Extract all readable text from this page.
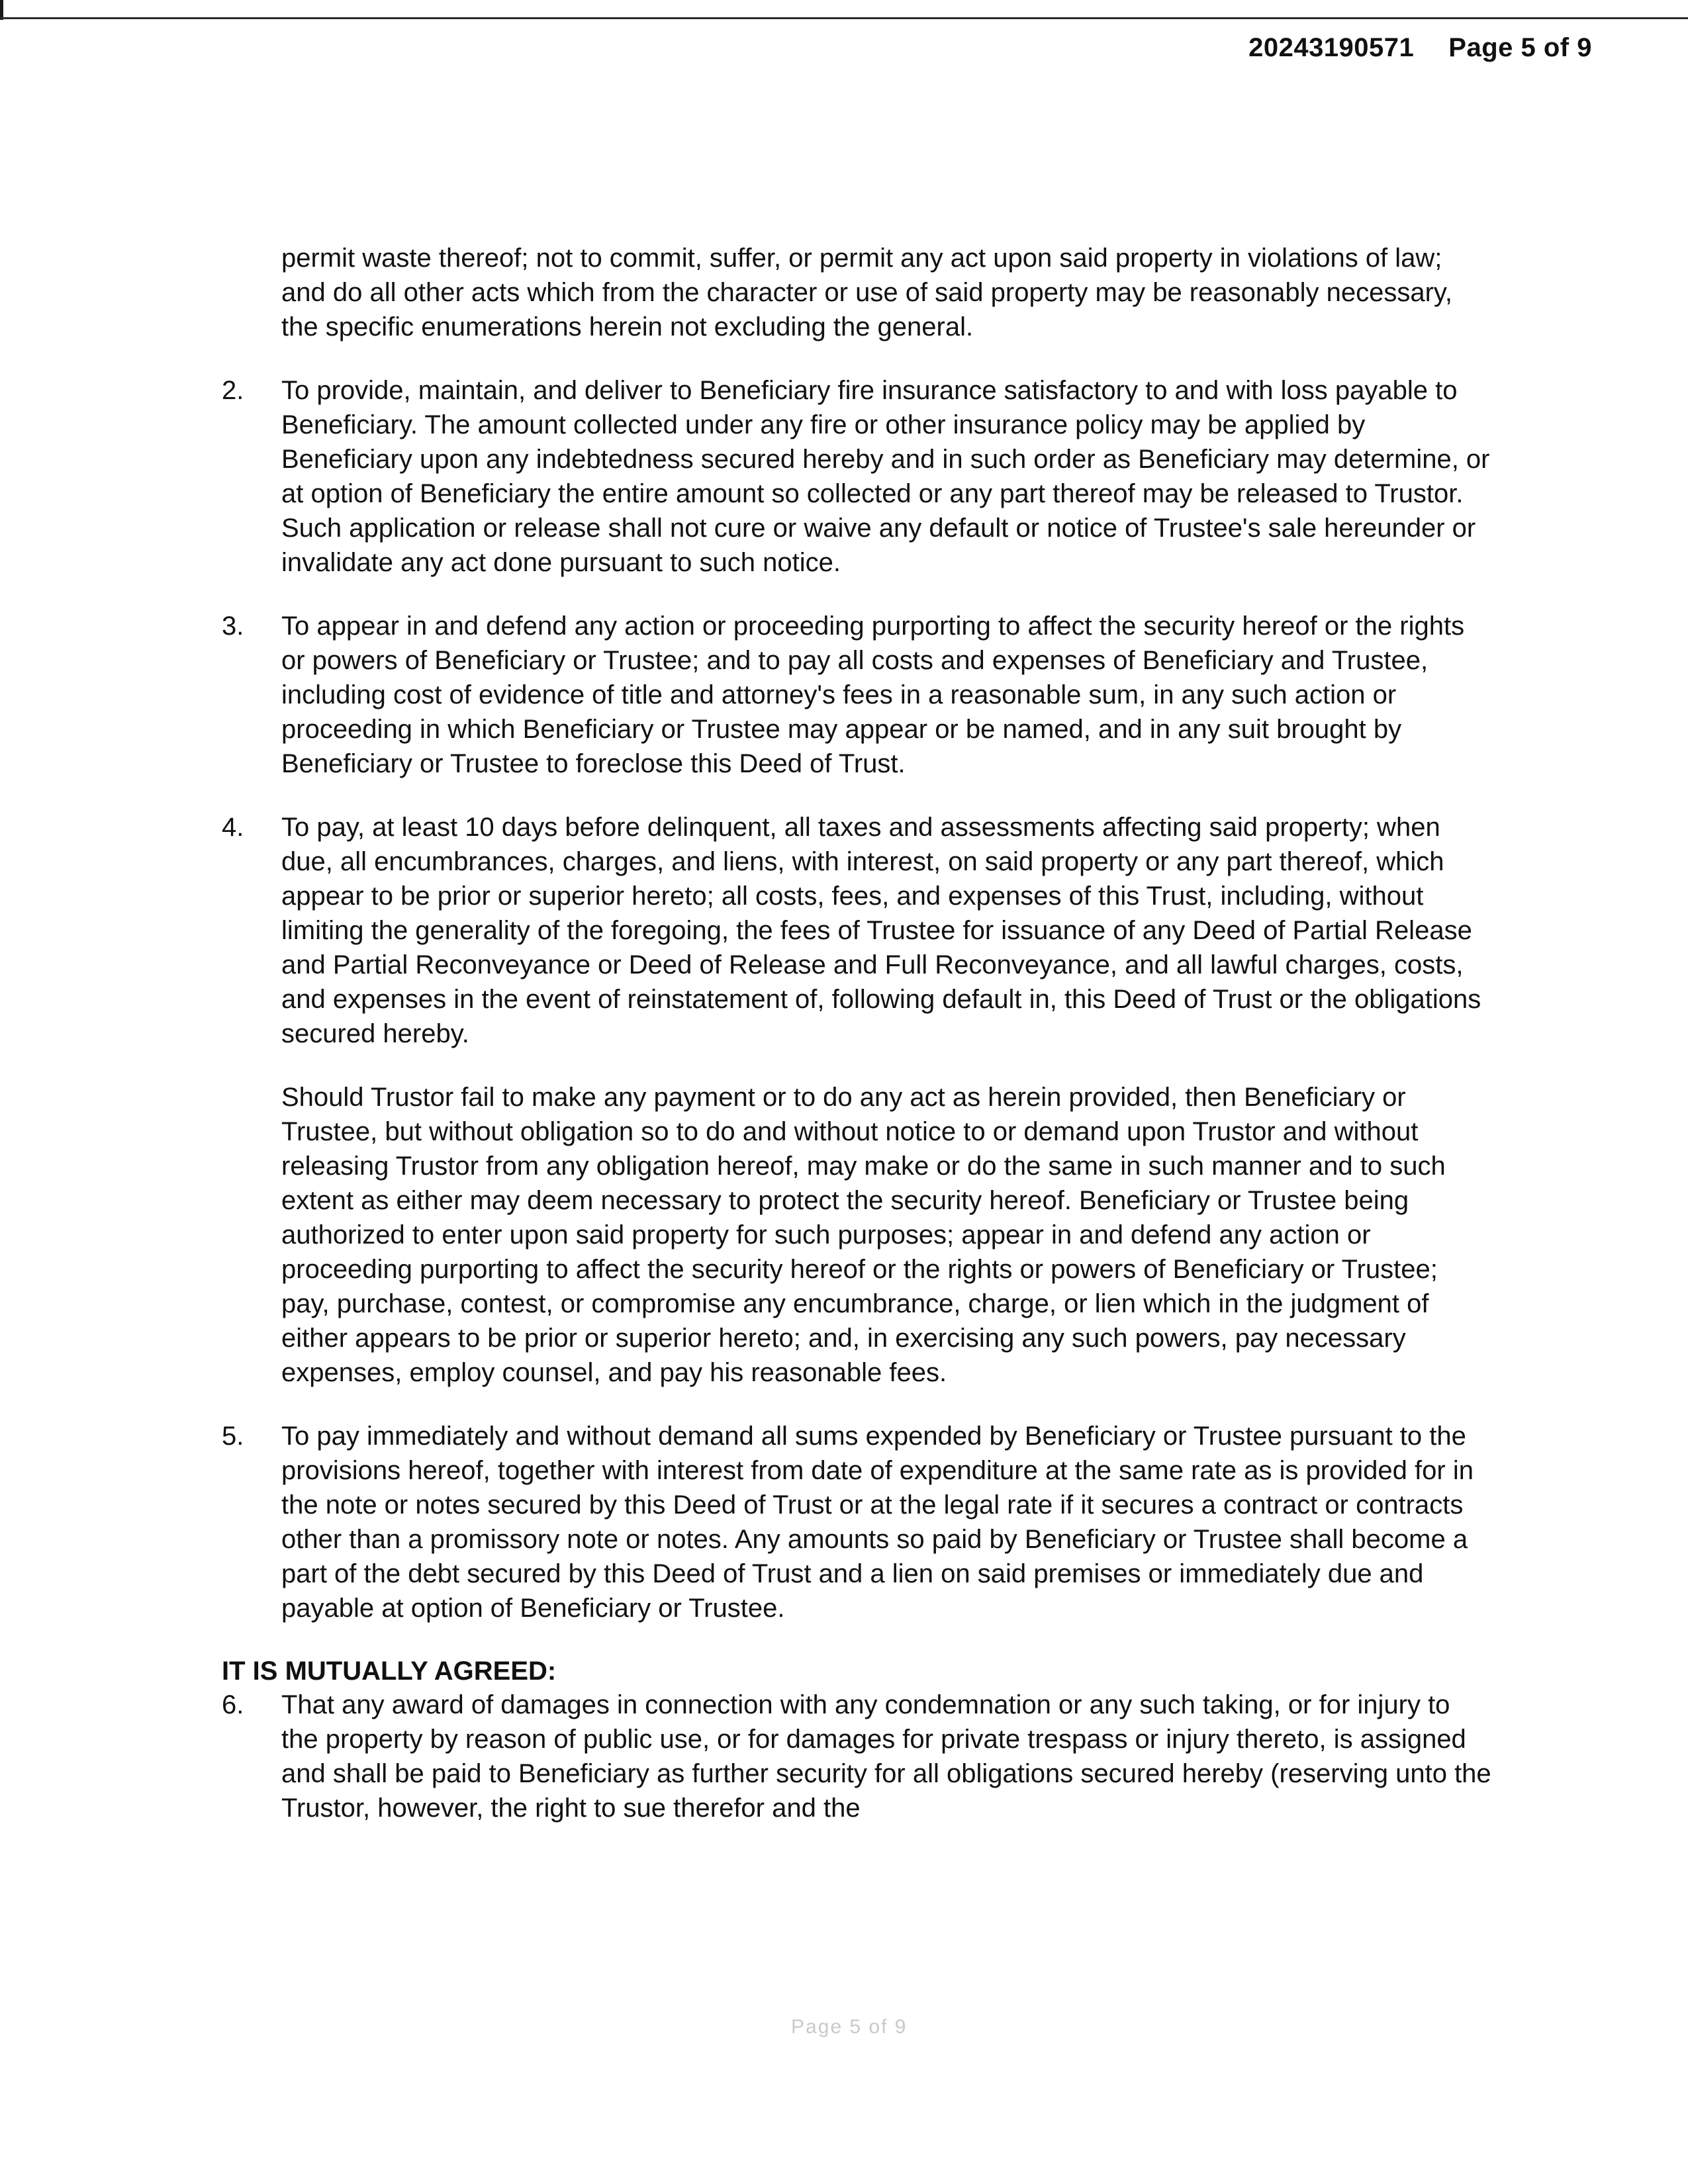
20243190571 Page 5 of 9

permit waste thereof; not to commit, suffer, or permit any act upon said property in violations of law; and do all other acts which from the character or use of said property may be reasonably necessary, the specific enumerations herein not excluding the general.

2.	To provide, maintain, and deliver to Beneficiary fire insurance satisfactory to and with loss payable to Beneficiary. The amount collected under any fire or other insurance policy may be applied by Beneficiary upon any indebtedness secured hereby and in such order as Beneficiary may determine, or at option of Beneficiary the entire amount so collected or any part thereof may be released to Trustor. Such application or release shall not cure or waive any default or notice of Trustee's sale hereunder or invalidate any act done pursuant to such notice.
3.	To appear in and defend any action or proceeding purporting to affect the security hereof or the rights or powers of Beneficiary or Trustee; and to pay all costs and expenses of Beneficiary and Trustee, including cost of evidence of title and attorney's fees in a reasonable sum, in any such action or proceeding in which Beneficiary or Trustee may appear or be named, and in any suit brought by Beneficiary or Trustee to foreclose this Deed of Trust.
4.	To pay, at least 10 days before delinquent, all taxes and assessments affecting said property; when due, all encumbrances, charges, and liens, with interest, on said property or any part thereof, which appear to be prior or superior hereto; all costs, fees, and expenses of this Trust, including, without limiting the generality of the foregoing, the fees of Trustee for issuance of any Deed of Partial Release and Partial Reconveyance or Deed of Release and Full Reconveyance, and all lawful charges, costs, and expenses in the event of reinstatement of, following default in, this Deed of Trust or the obligations secured hereby.

Should Trustor fail to make any payment or to do any act as herein provided, then Beneficiary or Trustee, but without obligation so to do and without notice to or demand upon Trustor and without releasing Trustor from any obligation hereof, may make or do the same in such manner and to such extent as either may deem necessary to protect the security hereof. Beneficiary or Trustee being authorized to enter upon said property for such purposes; appear in and defend any action or proceeding purporting to affect the security hereof or the rights or powers of Beneficiary or Trustee; pay, purchase, contest, or compromise any encumbrance, charge, or lien which in the judgment of either appears to be prior or superior hereto; and, in exercising any such powers, pay necessary expenses, employ counsel, and pay his reasonable fees.

5.	To pay immediately and without demand all sums expended by Beneficiary or Trustee pursuant to the provisions hereof, together with interest from date of expenditure at the same rate as is provided for in the note or notes secured by this Deed of Trust or at the legal rate if it secures a contract or contracts other than a promissory note or notes. Any amounts so paid by Beneficiary or Trustee shall become a part of the debt secured by this Deed of Trust and a lien on said premises or immediately due and payable at option of Beneficiary or Trustee.

IT IS MUTUALLY AGREED:

6.	That any award of damages in connection with any condemnation or any such taking, or for injury to the property by reason of public use, or for damages for private trespass or injury thereto, is assigned and shall be paid to Beneficiary as further security for all obligations secured hereby (reserving unto the Trustor, however, the right to sue therefor and the
Page 5 of 9
